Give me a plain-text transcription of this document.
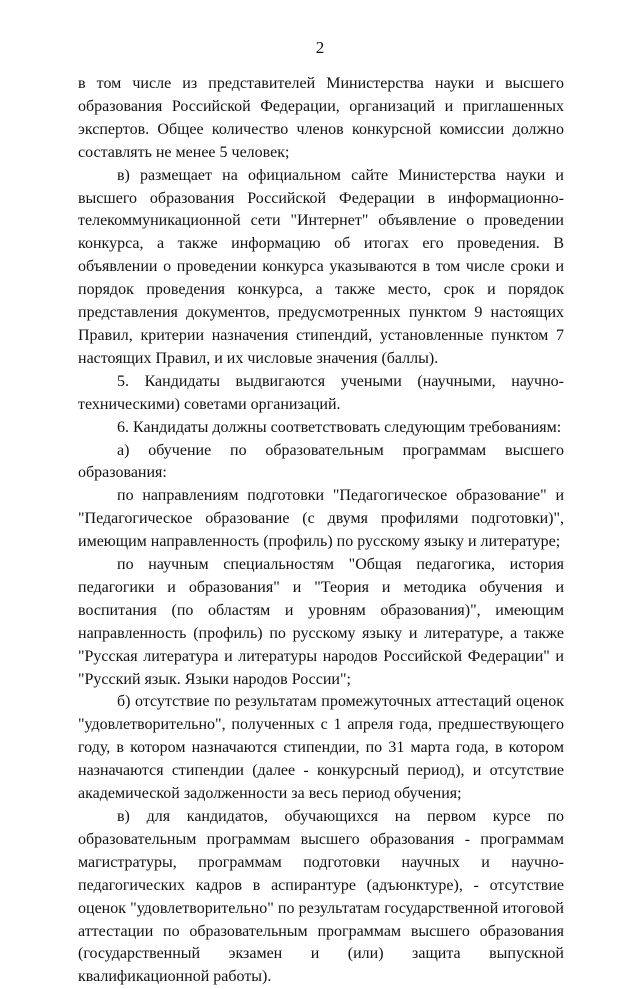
2

в том числе из представителей Министерства науки и высшего образования Российской Федерации, организаций и приглашенных экспертов. Общее количество членов конкурсной комиссии должно составлять не менее 5 человек;

в) размещает на официальном сайте Министерства науки и высшего образования Российской Федерации в информационно-телекоммуникационной сети "Интернет" объявление о проведении конкурса, а также информацию об итогах его проведения. В объявлении о проведении конкурса указываются в том числе сроки и порядок проведения конкурса, а также место, срок и порядок представления документов, предусмотренных пунктом 9 настоящих Правил, критерии назначения стипендий, установленные пунктом 7 настоящих Правил, и их числовые значения (баллы).

5. Кандидаты выдвигаются учеными (научными, научно-техническими) советами организаций.

6. Кандидаты должны соответствовать следующим требованиям:

а) обучение по образовательным программам высшего образования:

по направлениям подготовки "Педагогическое образование" и "Педагогическое образование (с двумя профилями подготовки)", имеющим направленность (профиль) по русскому языку и литературе;

по научным специальностям "Общая педагогика, история педагогики и образования" и "Теория и методика обучения и воспитания (по областям и уровням образования)", имеющим направленность (профиль) по русскому языку и литературе, а также "Русская литература и литературы народов Российской Федерации" и "Русский язык. Языки народов России";

б) отсутствие по результатам промежуточных аттестаций оценок "удовлетворительно", полученных с 1 апреля года, предшествующего году, в котором назначаются стипендии, по 31 марта года, в котором назначаются стипендии (далее - конкурсный период), и отсутствие академической задолженности за весь период обучения;

в) для кандидатов, обучающихся на первом курсе по образовательным программам высшего образования - программам магистратуры, программам подготовки научных и научно-педагогических кадров в аспирантуре (адъюнктуре), - отсутствие оценок "удовлетворительно" по результатам государственной итоговой аттестации по образовательным программам высшего образования (государственный экзамен и (или) защита выпускной квалификационной работы).
